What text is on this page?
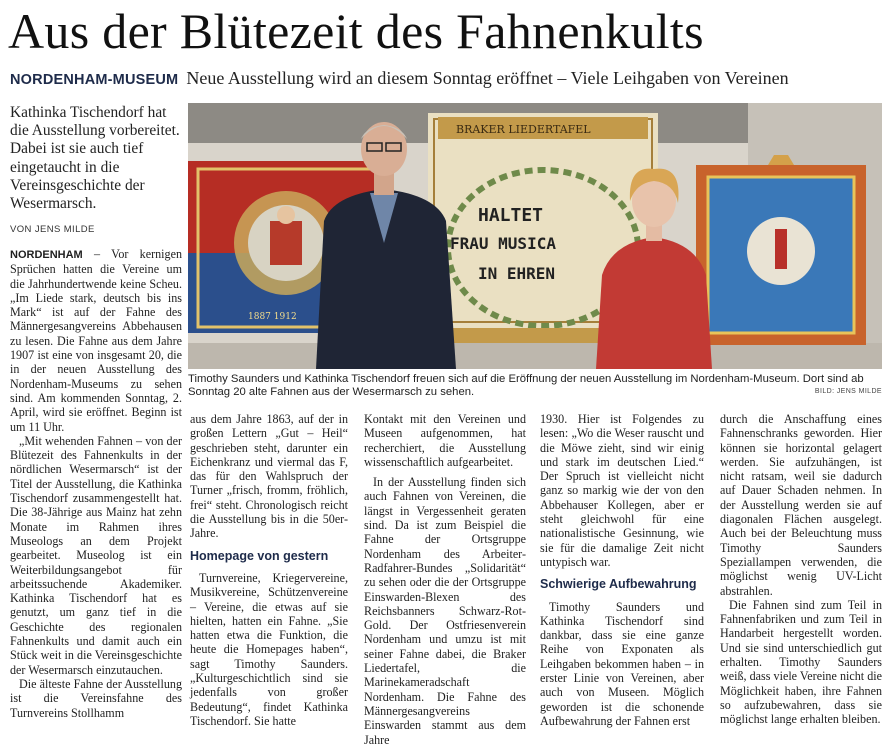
Aus der Blütezeit des Fahnenkults
NORDENHAM-MUSEUM Neue Ausstellung wird an diesem Sonntag eröffnet – Viele Leihgaben von Vereinen
Kathinka Tischendorf hat die Ausstellung vorbereitet. Dabei ist sie auch tief eingetaucht in die Vereinsgeschichte der Wesermarsch.
VON JENS MILDE
1887 1912
BRAKER LIEDERTAFEL
HALTET
FRAU MUSICA
IN EHREN
Timothy Saunders und Kathinka Tischendorf freuen sich auf die Eröffnung der neuen Ausstellung im Nordenham-Museum. Dort sind ab Sonntag 20 alte Fahnen aus der Wesermarsch zu sehen.	BILD: JENS MILDE

NORDENHAM – Vor kernigen Sprüchen hatten die Vereine um die Jahrhundertwende keine Scheu. „Im Liede stark, deutsch bis ins Mark“ ist auf der Fahne des Männergesangvereins Abbehausen zu lesen. Die Fahne aus dem Jahre 1907 ist eine von insgesamt 20, die in der neuen Ausstellung des Nordenham-Museums zu sehen sind. Am kommenden Sonntag, 2. April, wird sie eröffnet. Beginn ist um 11 Uhr.

„Mit wehenden Fahnen – von der Blütezeit des Fahnenkults in der nördlichen Wesermarsch“ ist der Titel der Ausstellung, die Kathinka Tischendorf zusammengestellt hat. Die 38-Jährige aus Mainz hat zehn Monate im Rahmen ihres Museologs an dem Projekt gearbeitet. Museolog ist ein Weiterbildungsangebot für arbeitssuchende Akademiker. Kathinka Tischendorf hat es genutzt, um ganz tief in die Geschichte des regionalen Fahnenkults und damit auch ein Stück weit in die Vereinsgeschichte der Wesermarsch einzutauchen.

Die älteste Fahne der Ausstellung ist die Vereinsfahne des Turnvereins Stollhamm

aus dem Jahre 1863, auf der in großen Lettern „Gut – Heil“ geschrieben steht, darunter ein Eichenkranz und viermal das F, das für den Wahlspruch der Turner „frisch, fromm, fröhlich, frei“ steht. Chronologisch reicht die Ausstellung bis in die 50er-Jahre.

Homepage von gestern

Turnvereine, Kriegervereine, Musikvereine, Schützenvereine – Vereine, die etwas auf sie hielten, hatten ein Fahne. „Sie hatten etwa die Funktion, die heute die Homepages haben“, sagt Timothy Saunders. „Kulturgeschichtlich sind sie jedenfalls von großer Bedeutung“, findet Kathinka Tischendorf. Sie hatte

Kontakt mit den Vereinen und Museen aufgenommen, hat recherchiert, die Ausstellung wissenschaftlich aufgearbeitet.

In der Ausstellung finden sich auch Fahnen von Vereinen, die längst in Vergessenheit geraten sind. Da ist zum Beispiel die Fahne der Ortsgruppe Nordenham des Arbeiter-Radfahrer-Bundes „Solidarität“ zu sehen oder die der Ortsgruppe Einswarden-Blexen des Reichsbanners Schwarz-Rot-Gold. Der Ostfriesenverein Nordenham und umzu ist mit seiner Fahne dabei, die Braker Liedertafel, die Marinekameradschaft Nordenham. Die Fahne des Männergesangvereins Einswarden stammt aus dem Jahre

1930. Hier ist Folgendes zu lesen: „Wo die Weser rauscht und die Möwe zieht, sind wir einig und stark im deutschen Lied.“ Der Spruch ist vielleicht nicht ganz so markig wie der von den Abbehauser Kollegen, aber er steht gleichwohl für eine nationalistische Gesinnung, wie sie für die damalige Zeit nicht untypisch war.

Schwierige Aufbewahrung

Timothy Saunders und Kathinka Tischendorf sind dankbar, dass sie eine ganze Reihe von Exponaten als Leihgaben bekommen haben – in erster Linie von Vereinen, aber auch von Museen. Möglich geworden ist die schonende Aufbewahrung der Fahnen erst

durch die Anschaffung eines Fahnenschranks geworden. Hier können sie horizontal gelagert werden. Sie aufzuhängen, ist nicht ratsam, weil sie dadurch auf Dauer Schaden nehmen. In der Ausstellung werden sie auf diagonalen Flächen ausgelegt. Auch bei der Beleuchtung muss Timothy Saunders Speziallampen verwenden, die möglichst wenig UV-Licht abstrahlen.

Die Fahnen sind zum Teil in Fahnenfabriken und zum Teil in Handarbeit hergestellt worden. Und sie sind unterschiedlich gut erhalten. Timothy Saunders weiß, dass viele Vereine nicht die Möglichkeit haben, ihre Fahnen so aufzubewahren, dass sie möglichst lange erhalten bleiben.
